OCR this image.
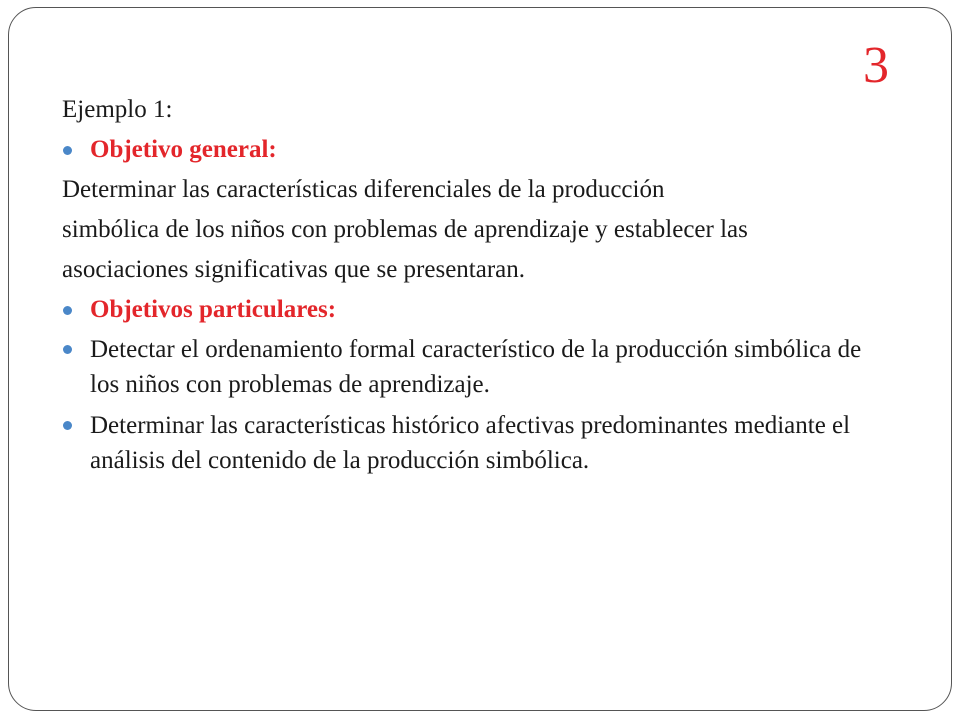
3
Ejemplo 1:
Objetivo general:
Determinar las características diferenciales de la producción
simbólica de los niños con problemas de aprendizaje y establecer las
asociaciones significativas que se presentaran.
Objetivos particulares:
Detectar el ordenamiento formal característico de la producción simbólica de los niños con problemas de aprendizaje.
Determinar las características histórico afectivas predominantes mediante el análisis del contenido de la producción simbólica.
